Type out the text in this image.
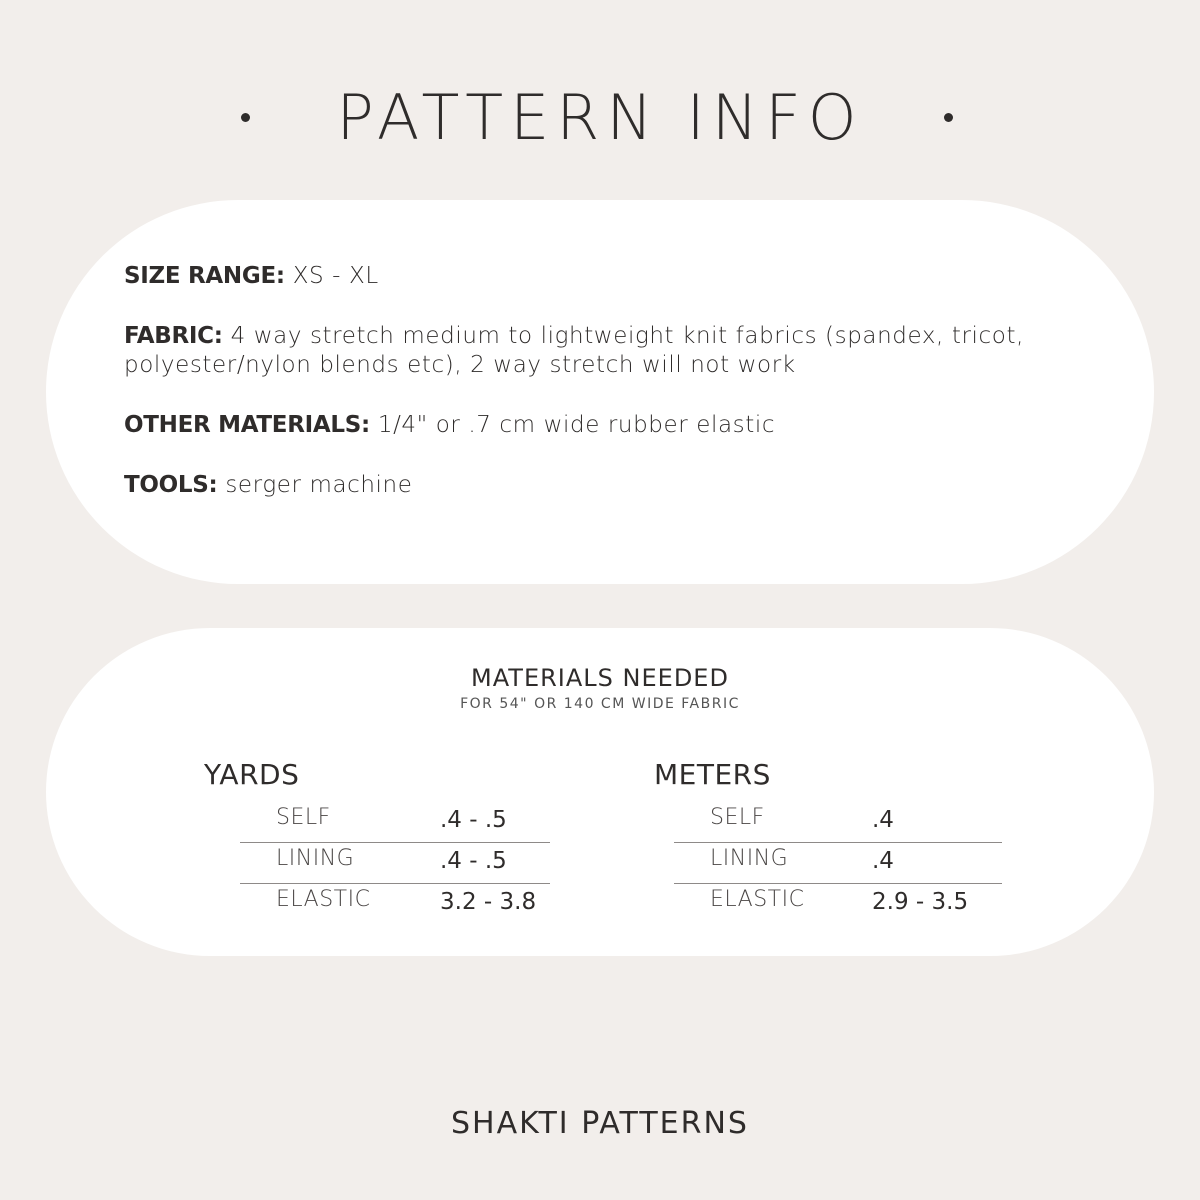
PATTERN INFO
SIZE RANGE: XS - XL
FABRIC: 4 way stretch medium to lightweight knit fabrics (spandex, tricot, polyester/nylon blends etc), 2 way stretch will not work
OTHER MATERIALS: 1/4" or .7 cm wide rubber elastic
TOOLS: serger machine
MATERIALS NEEDED
FOR 54" OR 140 CM WIDE FABRIC
YARDS
SELF	.4 - .5
LINING	.4 - .5
ELASTIC	3.2 - 3.8
METERS
SELF	.4
LINING	.4
ELASTIC	2.9 - 3.5
SHAKTI PATTERNS
